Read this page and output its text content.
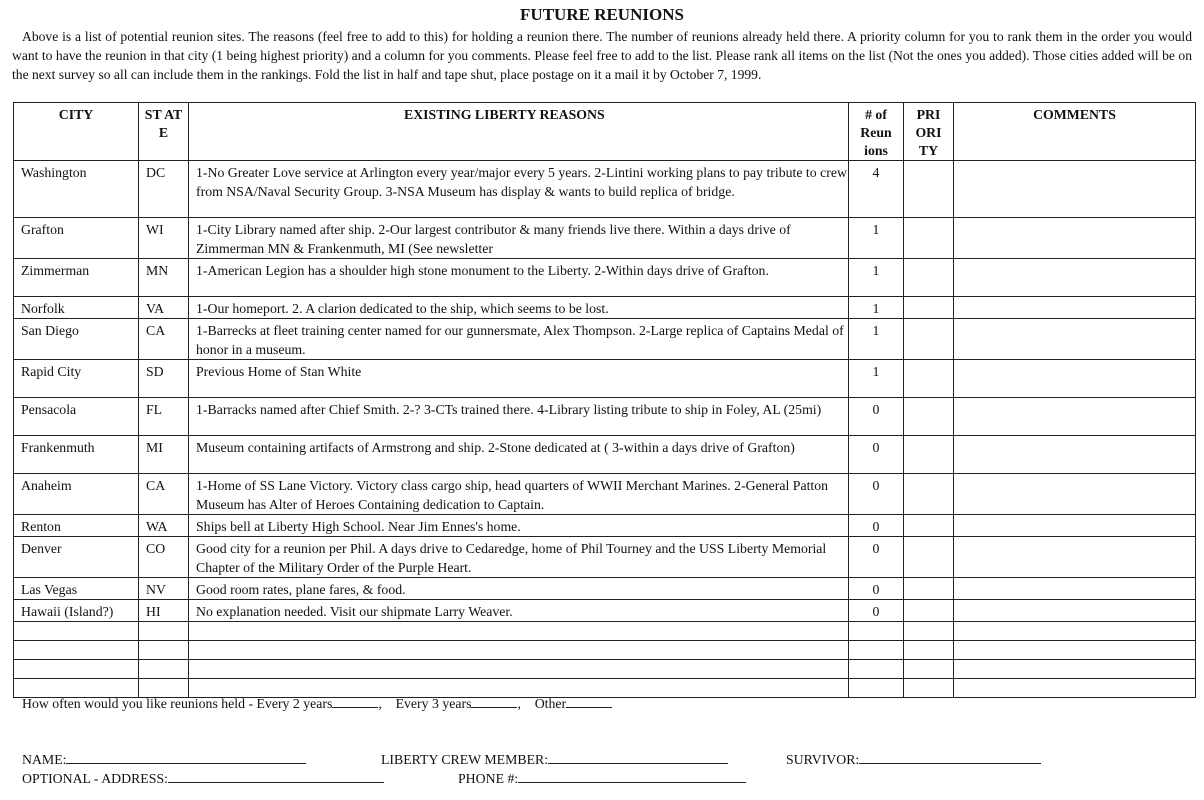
FUTURE REUNIONS

Above is a list of potential reunion sites. The reasons (feel free to add to this) for holding a reunion there. The number of reunions already held there. A priority column for you to rank them in the order you would want to have the reunion in that city (1 being highest priority) and a column for you comments. Please feel free to add to the list. Please rank all items on the list (Not the ones you added). Those cities added will be on the next survey so all can include them in the rankings. Fold the list in half and tape shut, place postage on it a mail it by October 7, 1999.

CITY	ST AT E	EXISTING LIBERTY REASONS	# of Reun ions	PRI ORI TY	COMMENTS
Washington	DC	1-No Greater Love service at Arlington every year/major every 5 years. 2-Lintini working plans to pay tribute to crew from NSA/Naval Security Group. 3-NSA Museum has display & wants to build replica of bridge.	4		
Grafton	WI	1-City Library named after ship. 2-Our largest contributor & many friends live there. Within a days drive of Zimmerman MN & Frankenmuth, MI (See newsletter	1		
Zimmerman	MN	1-American Legion has a shoulder high stone monument to the Liberty. 2-Within days drive of Grafton.	1		
Norfolk	VA	1-Our homeport. 2. A clarion dedicated to the ship, which seems to be lost.	1		
San Diego	CA	1-Barrecks at fleet training center named for our gunnersmate, Alex Thompson. 2-Large replica of Captains Medal of honor in a museum.	1		
Rapid City	SD	Previous Home of Stan White	1		
Pensacola	FL	1-Barracks named after Chief Smith. 2-? 3-CTs trained there. 4-Library listing tribute to ship in Foley, AL (25mi)	0		
Frankenmuth	MI	Museum containing artifacts of Armstrong and ship. 2-Stone dedicated at ( 3-within a days drive of Grafton)	0		
Anaheim	CA	1-Home of SS Lane Victory. Victory class cargo ship, head quarters of WWII Merchant Marines. 2-General Patton Museum has Alter of Heroes Containing dedication to Captain.	0		
Renton	WA	Ships bell at Liberty High School. Near Jim Ennes's home.	0		
Denver	CO	Good city for a reunion per Phil. A days drive to Cedaredge, home of Phil Tourney and the USS Liberty Memorial Chapter of the Military Order of the Purple Heart.	0		
Las Vegas	NV	Good room rates, plane fares, & food.	0		
Hawaii (Island?)	HI	No explanation needed. Visit our shipmate Larry Weaver.	0		

How often would you like reunions held - Every 2 years	,    Every 3 years	,    Other
NAME:	LIBERTY CREW MEMBER:	SURVIVOR:
OPTIONAL - ADDRESS:	PHONE #:
